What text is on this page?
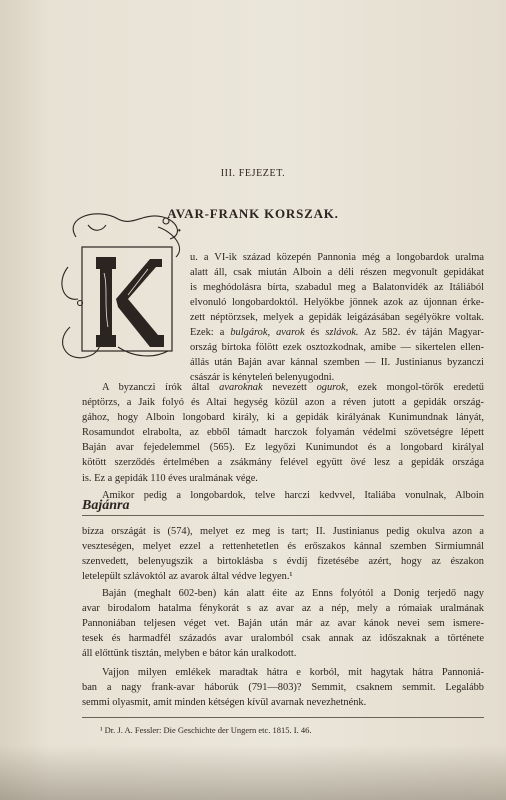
III. FEJEZET.
AVAR-FRANK KORSZAK.
·
u. a VI-ik század közepén Pannonia még a longobardok uralma
alatt áll, csak miután Alboin a déli részen megvonult gepidákat
is meghódolásra bírta, szabadul meg a Balatonvidék az Itáliából
elvonuló longobardoktól. Helyökbe jönnek azok az újonnan érke-
zett néptörzsek, melyek a gepidák leigázásában segélyökre voltak.
Ezek: a bulgárok, avarok és szlávok. Az 582. év táján Magyar-
ország bírtoka fölött ezek osztozkodnak, amibe — sikertelen ellen-
állás után Baján avar kánnal szemben — II. Justinianus byzanczi
császár is kényteleń belenyugodni.
A byzanczi írók által avaroknak nevezett ogurok, ezek mongol-török eredetű
néptörzs, a Jaik folyó és Altai hegység közül azon a réven jutott a gepidák ország-
gához, hogy Alboin longobard király, ki a gepidák királyának Kunimundnak lányát,
Rosamundot elrabolta, az ebből támadt harczok folyamán védelmi szövetségre lépett
Baján avar fejedelemmel (565). Ez legyőzi Kunimundot és a longobard királyal
kötött szerződés értelmében a zsákmány felével együtt övé lesz a gepidák országa
is. Ez a gepidák 110 éves uralmának vége.
Amikor pedig a longobardok, telve harczi kedvvel, Italiába vonulnak, Alboin
Bajánra
bízza országát is (574), melyet ez meg is tart; II. Justinianus pedig okulva azon a
veszteségen, melyet ezzel a rettenhetetlen és erőszakos kánnal szemben Sirmiumnál
szenvedett, belenyugszik a birtoklásba s évdíj fizetésébe azért, hogy az északon
letelepült szlávoktól az avarok által védve legyen.¹
Baján (meghalt 602-ben) kán alatt éite az Enns folyótól a Donig terjedő nagy
avar birodalom hatalma fénykorát s az avar az a nép, mely a rómaiak uralmának
Pannoniában teljesen véget vet. Baján után már az avar kánok nevei sem ismere-
tesek és harmadfél századós avar uralomból csak annak az időszaknak a története
áll előttünk tisztán, melyben e bátor kán uralkodott.
Vajjon milyen emlékek maradtak hátra e korból, mit hagytak hátra Pannoniá-
ban a nagy frank-avar háborúk (791—803)? Semmit, csaknem semmit. Legalább
semmi olyasmit, amit minden kétségen kívül avarnak nevezhetnénk.
¹ Dr. J. A. Fessler: Die Geschichte der Ungern etc. 1815. I. 46.
